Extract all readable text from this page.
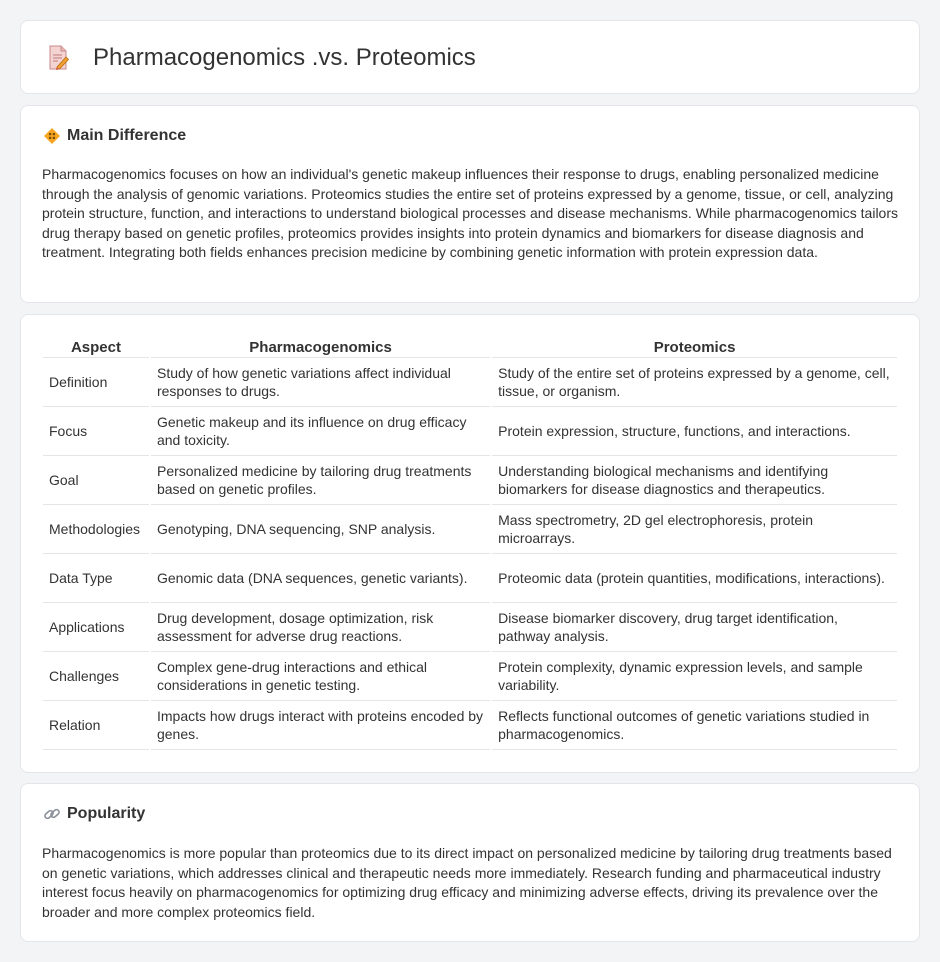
Pharmacogenomics .vs. Proteomics
Main Difference

Pharmacogenomics focuses on how an individual's genetic makeup influences their response to drugs, enabling personalized medicine through the analysis of genomic variations. Proteomics studies the entire set of proteins expressed by a genome, tissue, or cell, analyzing protein structure, function, and interactions to understand biological processes and disease mechanisms. While pharmacogenomics tailors drug therapy based on genetic profiles, proteomics provides insights into protein dynamics and biomarkers for disease diagnosis and treatment. Integrating both fields enhances precision medicine by combining genetic information with protein expression data.

Aspect	Pharmacogenomics	Proteomics
Definition	Study of how genetic variations affect individual responses to drugs.	Study of the entire set of proteins expressed by a genome, cell, tissue, or organism.
Focus	Genetic makeup and its influence on drug efficacy and toxicity.	Protein expression, structure, functions, and interactions.
Goal	Personalized medicine by tailoring drug treatments based on genetic profiles.	Understanding biological mechanisms and identifying biomarkers for disease diagnostics and therapeutics.
Methodologies	Genotyping, DNA sequencing, SNP analysis.	Mass spectrometry, 2D gel electrophoresis, protein microarrays.
Data Type	Genomic data (DNA sequences, genetic variants).	Proteomic data (protein quantities, modifications, interactions).
Applications	Drug development, dosage optimization, risk assessment for adverse drug reactions.	Disease biomarker discovery, drug target identification, pathway analysis.
Challenges	Complex gene-drug interactions and ethical considerations in genetic testing.	Protein complexity, dynamic expression levels, and sample variability.
Relation	Impacts how drugs interact with proteins encoded by genes.	Reflects functional outcomes of genetic variations studied in pharmacogenomics.
Popularity

Pharmacogenomics is more popular than proteomics due to its direct impact on personalized medicine by tailoring drug treatments based on genetic variations, which addresses clinical and therapeutic needs more immediately. Research funding and pharmaceutical industry interest focus heavily on pharmacogenomics for optimizing drug efficacy and minimizing adverse effects, driving its prevalence over the broader and more complex proteomics field.
